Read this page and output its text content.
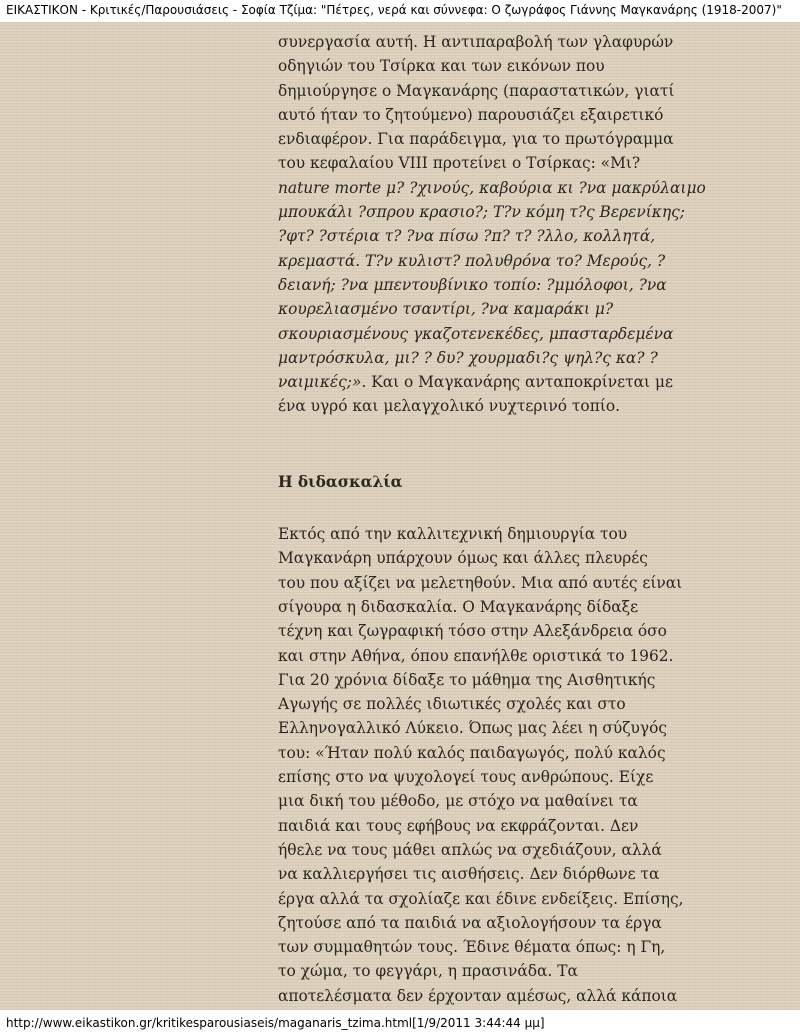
ΕΙΚΑΣΤΙΚΟΝ - Κριτικές/Παρουσιάσεις - Σοφία Τζίμα: "Πέτρες, νερά και σύννεφα: Ο ζωγράφος Γιάννης Μαγκανάρης (1918-2007)"
συνεργασία αυτή. Η αντιπαραβολή των γλαφυρών
οδηγιών του Τσίρκα και των εικόνων που
δημιούργησε ο Μαγκανάρης (παραστατικών, γιατί
αυτό ήταν το ζητούμενο) παρουσιάζει εξαιρετικό
ενδιαφέρον. Για παράδειγμα, για το πρωτόγραμμα
του κεφαλαίου VIII προτείνει ο Τσίρκας: «Μι?
nature morte μ? ?χινούς, καβούρια κι ?να μακρύλαιμο
μπουκάλι ?σπρου κρασιο?; Τ?ν κόμη τ?ς Βερενίκης;
?φτ? ?στέρια τ? ?να πίσω ?π? τ? ?λλο, κολλητά,
κρεμαστά. Τ?ν κυλιστ? πολυθρόνα το? Μερούς, ?
δειανή; ?να μπεντουβίνικο τοπίο: ?μμόλοφοι, ?να
κουρελιασμένο τσαντίρι, ?να καμαράκι μ?
σκουριασμένους γκαζοτενεκέδες, μπασταρδεμένα
μαντρόσκυλα, μι? ? δυ? χουρμαδι?ς ψηλ?ς κα? ?
ναιμικές;». Και ο Μαγκανάρης ανταποκρίνεται με
ένα υγρό και μελαγχολικό νυχτερινό τοπίο.
Η διδασκαλία
Εκτός από την καλλιτεχνική δημιουργία του
Μαγκανάρη υπάρχουν όμως και άλλες πλευρές
του που αξίζει να μελετηθούν. Μια από αυτές είναι
σίγουρα η διδασκαλία. Ο Μαγκανάρης δίδαξε
τέχνη και ζωγραφική τόσο στην Αλεξάνδρεια όσο
και στην Αθήνα, όπου επανήλθε οριστικά το 1962.
Για 20 χρόνια δίδαξε το μάθημα της Αισθητικής
Αγωγής σε πολλές ιδιωτικές σχολές και στο
Ελληνογαλλικό Λύκειο. Όπως μας λέει η σύζυγός
του: «Ήταν πολύ καλός παιδαγωγός, πολύ καλός
επίσης στο να ψυχολογεί τους ανθρώπους. Είχε
μια δική του μέθοδο, με στόχο να μαθαίνει τα
παιδιά και τους εφήβους να εκφράζονται. Δεν
ήθελε να τους μάθει απλώς να σχεδιάζουν, αλλά
να καλλιεργήσει τις αισθήσεις. Δεν διόρθωνε τα
έργα αλλά τα σχολίαζε και έδινε ενδείξεις. Επίσης,
ζητούσε από τα παιδιά να αξιολογήσουν τα έργα
των συμμαθητών τους. Έδινε θέματα όπως: η Γη,
το χώμα, το φεγγάρι, η πρασινάδα. Τα
αποτελέσματα δεν έρχονταν αμέσως, αλλά κάποια
http://www.eikastikon.gr/kritikesparousiaseis/maganaris_tzima.html[1/9/2011 3:44:44 μμ]
